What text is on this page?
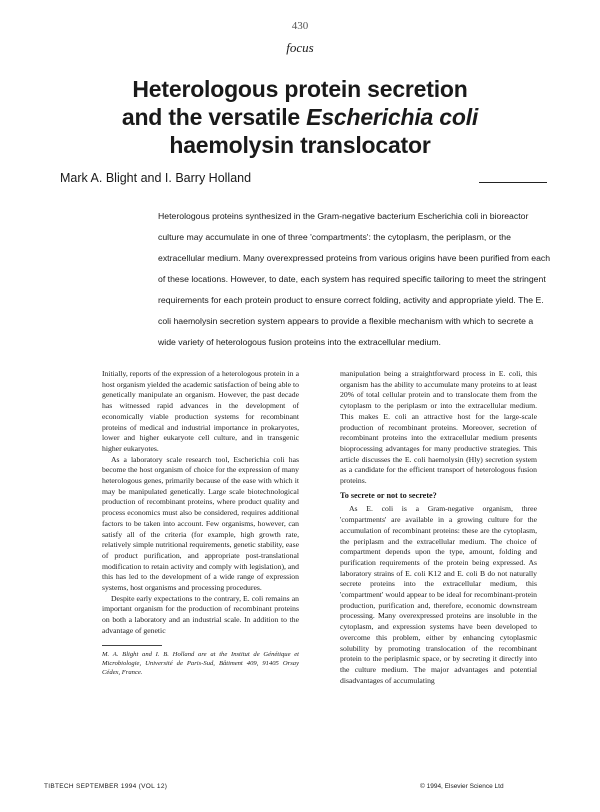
430
focus
Heterologous protein secretion
and the versatile Escherichia coli
haemolysin translocator
Mark A. Blight and I. Barry Holland

Heterologous proteins synthesized in the Gram-negative bacterium Escherichia coli in bioreactor culture may accumulate in one of three 'compartments': the cytoplasm, the periplasm, or the extracellular medium. Many overexpressed proteins from various origins have been purified from each of these locations. However, to date, each system has required specific tailoring to meet the stringent requirements for each protein product to ensure correct folding, activity and appropriate yield. The E. coli haemolysin secretion system appears to provide a flexible mechanism with which to secrete a wide variety of heterologous fusion proteins into the extracellular medium.

Initially, reports of the expression of a heterologous protein in a host organism yielded the academic satisfaction of being able to genetically manipulate an organism. However, the past decade has witnessed rapid advances in the development of economically viable production systems for recombinant proteins of medical and industrial importance in prokaryotes, lower and higher eukaryote cell culture, and in transgenic higher eukaryotes.

As a laboratory scale research tool, Escherichia coli has become the host organism of choice for the expression of many heterologous genes, primarily because of the ease with which it may be manipulated genetically. Large scale biotechnological production of recombinant proteins, where product quality and process economics must also be considered, requires additional factors to be taken into account. Few organisms, however, can satisfy all of the criteria (for example, high growth rate, relatively simple nutritional requirements, genetic stability, ease of product purification, and appropriate post-translational modification to retain activity and comply with legislation), and this has led to the development of a wide range of expression systems, host organisms and processing procedures.

Despite early expectations to the contrary, E. coli remains an important organism for the production of recombinant proteins on both a laboratory and an industrial scale. In addition to the advantage of genetic

M. A. Blight and I. B. Holland are at the Institut de Génétique et Microbiologie, Université de Paris-Sud, Bâtiment 409, 91405 Orsay Cédex, France.

manipulation being a straightforward process in E. coli, this organism has the ability to accumulate many proteins to at least 20% of total cellular protein and to translocate them from the cytoplasm to the periplasm or into the extracellular medium. This makes E. coli an attractive host for the large-scale production of recombinant proteins. Moreover, secretion of recombinant proteins into the extracellular medium presents bioprocessing advantages for many productive strategies. This article discusses the E. coli haemolysin (Hly) secretion system as a candidate for the efficient transport of heterologous fusion proteins.

To secrete or not to secrete?

As E. coli is a Gram-negative organism, three 'compartments' are available in a growing culture for the accumulation of recombinant proteins: these are the cytoplasm, the periplasm and the extracellular medium. The choice of compartment depends upon the type, amount, folding and purification requirements of the protein being expressed. As laboratory strains of E. coli K12 and E. coli B do not naturally secrete proteins into the extracellular medium, this 'compartment' would appear to be ideal for recombinant-protein production, purification and, therefore, economic downstream processing. Many overexpressed proteins are insoluble in the cytoplasm, and expression systems have been developed to overcome this problem, either by enhancing cytoplasmic solubility by promoting translocation of the recombinant protein to the periplasmic space, or by secreting it directly into the culture medium. The major advantages and potential disadvantages of accumulating

TIBTECH SEPTEMBER 1994 (VOL 12)	© 1994, Elsevier Science Ltd
